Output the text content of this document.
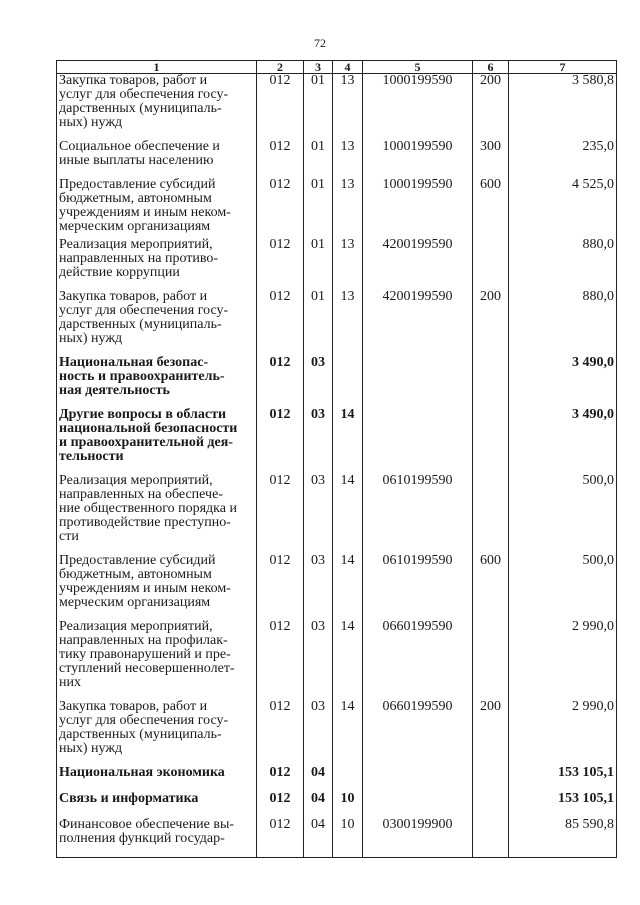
72
1	2	3	4	5	6	7
Закупка товаров, работ и
услуг для обеспечения госу-
дарственных (муниципаль-
ных) нужд	012	01	13	1000199590	200	3 580,8
Социальное обеспечение и
иные выплаты населению	012	01	13	1000199590	300	235,0
Предоставление субсидий
бюджетным, автономным
учреждениям и иным неком-
мерческим организациям	012	01	13	1000199590	600	4 525,0
Реализация мероприятий,
направленных на противо-
действие коррупции	012	01	13	4200199590		880,0
Закупка товаров, работ и
услуг для обеспечения госу-
дарственных (муниципаль-
ных) нужд	012	01	13	4200199590	200	880,0
Национальная безопас-
ность и правоохранитель-
ная деятельность	012	03				3 490,0
Другие вопросы в области
национальной безопасности
и правоохранительной дея-
тельности	012	03	14			3 490,0
Реализация мероприятий,
направленных на обеспече-
ние общественного порядка и
противодействие преступно-
сти	012	03	14	0610199590		500,0
Предоставление субсидий
бюджетным, автономным
учреждениям и иным неком-
мерческим организациям	012	03	14	0610199590	600	500,0
Реализация мероприятий,
направленных на профилак-
тику правонарушений и пре-
ступлений несовершеннолет-
них	012	03	14	0660199590		2 990,0
Закупка товаров, работ и
услуг для обеспечения госу-
дарственных (муниципаль-
ных) нужд	012	03	14	0660199590	200	2 990,0
Национальная экономика	012	04				153 105,1
Связь и информатика	012	04	10			153 105,1
Финансовое обеспечение вы-
полнения функций государ-	012	04	10	0300199900		85 590,8
